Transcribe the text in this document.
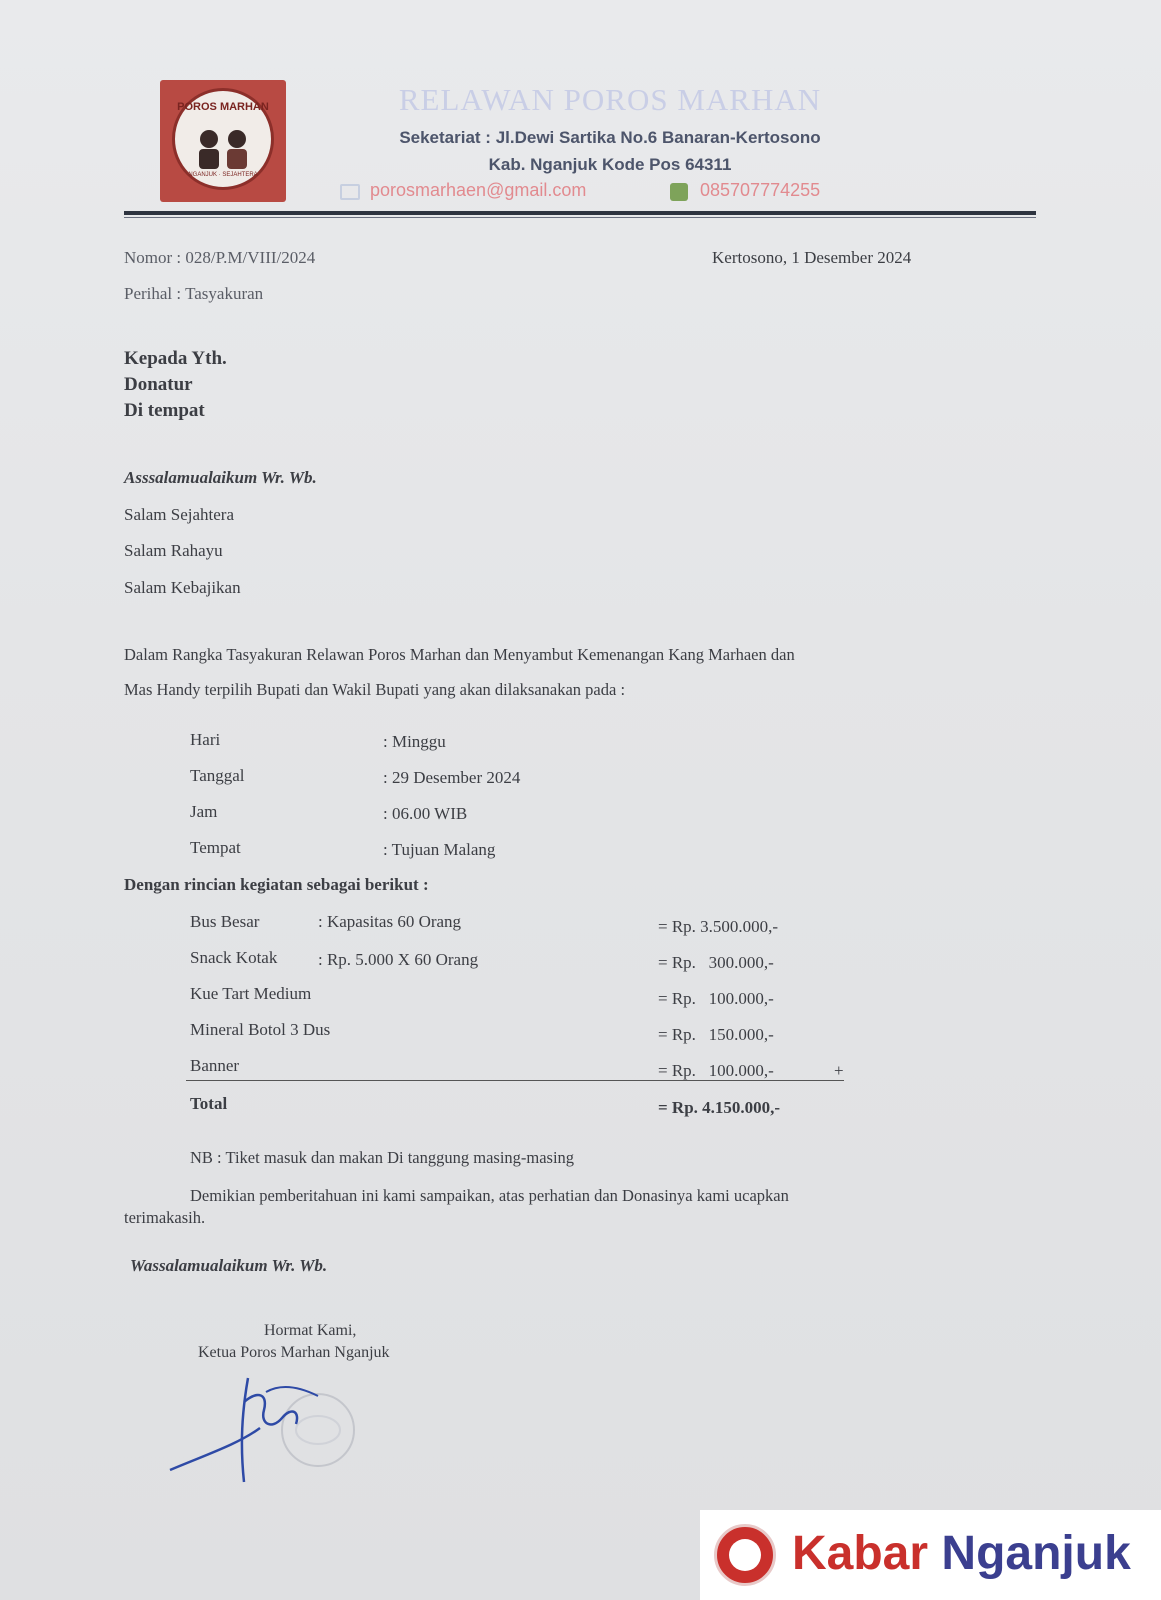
POROS MARHAN
NGANJUK · SEJAHTERA
RELAWAN POROS MARHAN
Seketariat : Jl.Dewi Sartika No.6 Banaran-Kertosono
Kab. Nganjuk Kode Pos 64311
porosmarhaen@gmail.com	085707774255
Nomor : 028/P.M/VIII/2024	Kertosono, 1 Desember 2024
Perihal : Tasyakuran
Kepada Yth.
Donatur
Di tempat
Asssalamualaikum Wr. Wb.
Salam Sejahtera
Salam Rahayu
Salam Kebajikan
Dalam Rangka Tasyakuran Relawan Poros Marhan dan Menyambut Kemenangan Kang Marhaen dan
Mas Handy terpilih Bupati dan Wakil Bupati yang akan dilaksanakan pada :
Hari	: Minggu
Tanggal	: 29 Desember 2024
Jam	: 06.00 WIB
Tempat	: Tujuan Malang
Dengan rincian kegiatan sebagai berikut :
Bus Besar	: Kapasitas 60 Orang	= Rp. 3.500.000,-
Snack Kotak : Rp. 5.000 X 60 Orang	= Rp.   300.000,-
Kue Tart Medium	= Rp.   100.000,-
Mineral Botol 3 Dus	= Rp.   150.000,-
Banner	= Rp.   100.000,-	+
Total	= Rp. 4.150.000,-
NB : Tiket masuk dan makan Di tanggung masing-masing
Demikian pemberitahuan ini kami sampaikan, atas perhatian dan Donasinya kami ucapkan
terimakasih.
Wassalamualaikum Wr. Wb.
Hormat Kami,
Ketua Poros Marhan Nganjuk
Kabar Nganjuk
